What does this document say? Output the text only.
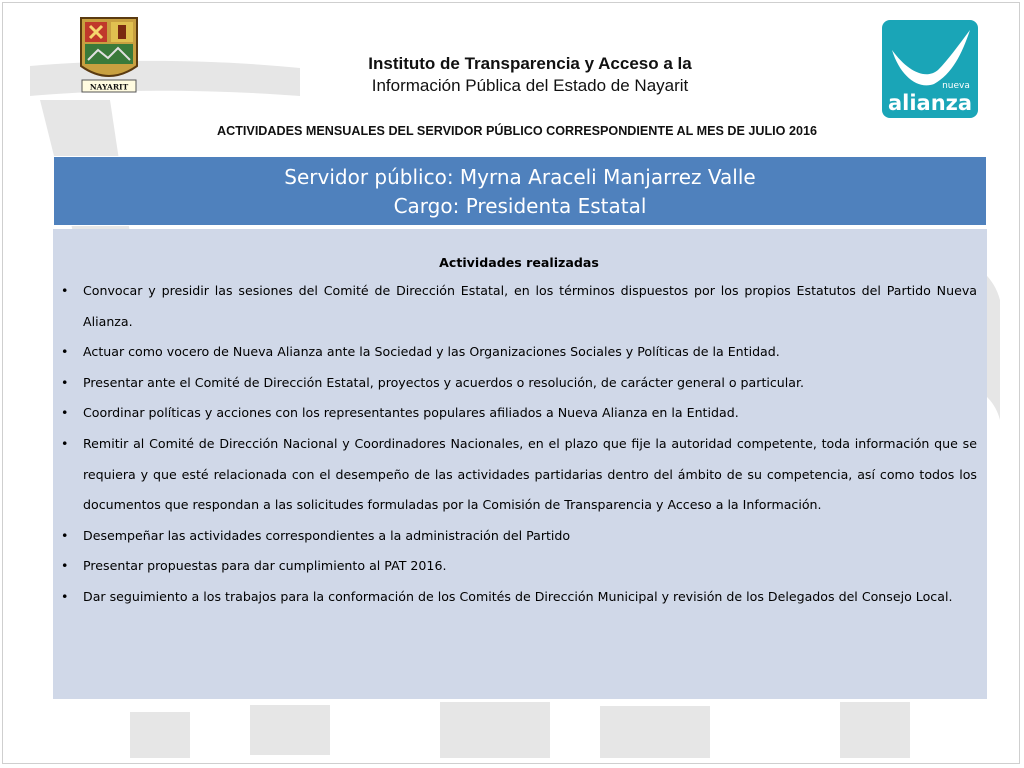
NAYARIT	nueva
alianza
Instituto de Transparencia y Acceso a la
Información Pública del Estado de Nayarit
ACTIVIDADES MENSUALES DEL SERVIDOR PÚBLICO CORRESPONDIENTE AL MES DE JULIO 2016
Servidor público: Myrna Araceli Manjarrez Valle
Cargo: Presidenta Estatal
Actividades realizadas
• Convocar y presidir las sesiones del Comité de Dirección Estatal, en los términos dispuestos por los propios Estatutos del Partido Nueva Alianza.
• Actuar como vocero de Nueva Alianza ante la Sociedad y las Organizaciones Sociales y Políticas de la Entidad.
• Presentar ante el Comité de Dirección Estatal, proyectos y acuerdos o resolución, de carácter general o particular.
• Coordinar políticas y acciones con los representantes populares afiliados a Nueva Alianza en la Entidad.
• Remitir al Comité de Dirección Nacional y Coordinadores Nacionales, en el plazo que fije la autoridad competente, toda información que se requiera y que esté relacionada con el desempeño de las actividades partidarias dentro del ámbito de su competencia, así como todos los documentos que respondan a las solicitudes formuladas por la Comisión de Transparencia y Acceso a la Información.
• Desempeñar las actividades correspondientes a la administración del Partido
• Presentar propuestas para dar cumplimiento al PAT 2016.
• Dar seguimiento a los trabajos para la conformación de los Comités de Dirección Municipal y revisión de los Delegados del Consejo Local.
